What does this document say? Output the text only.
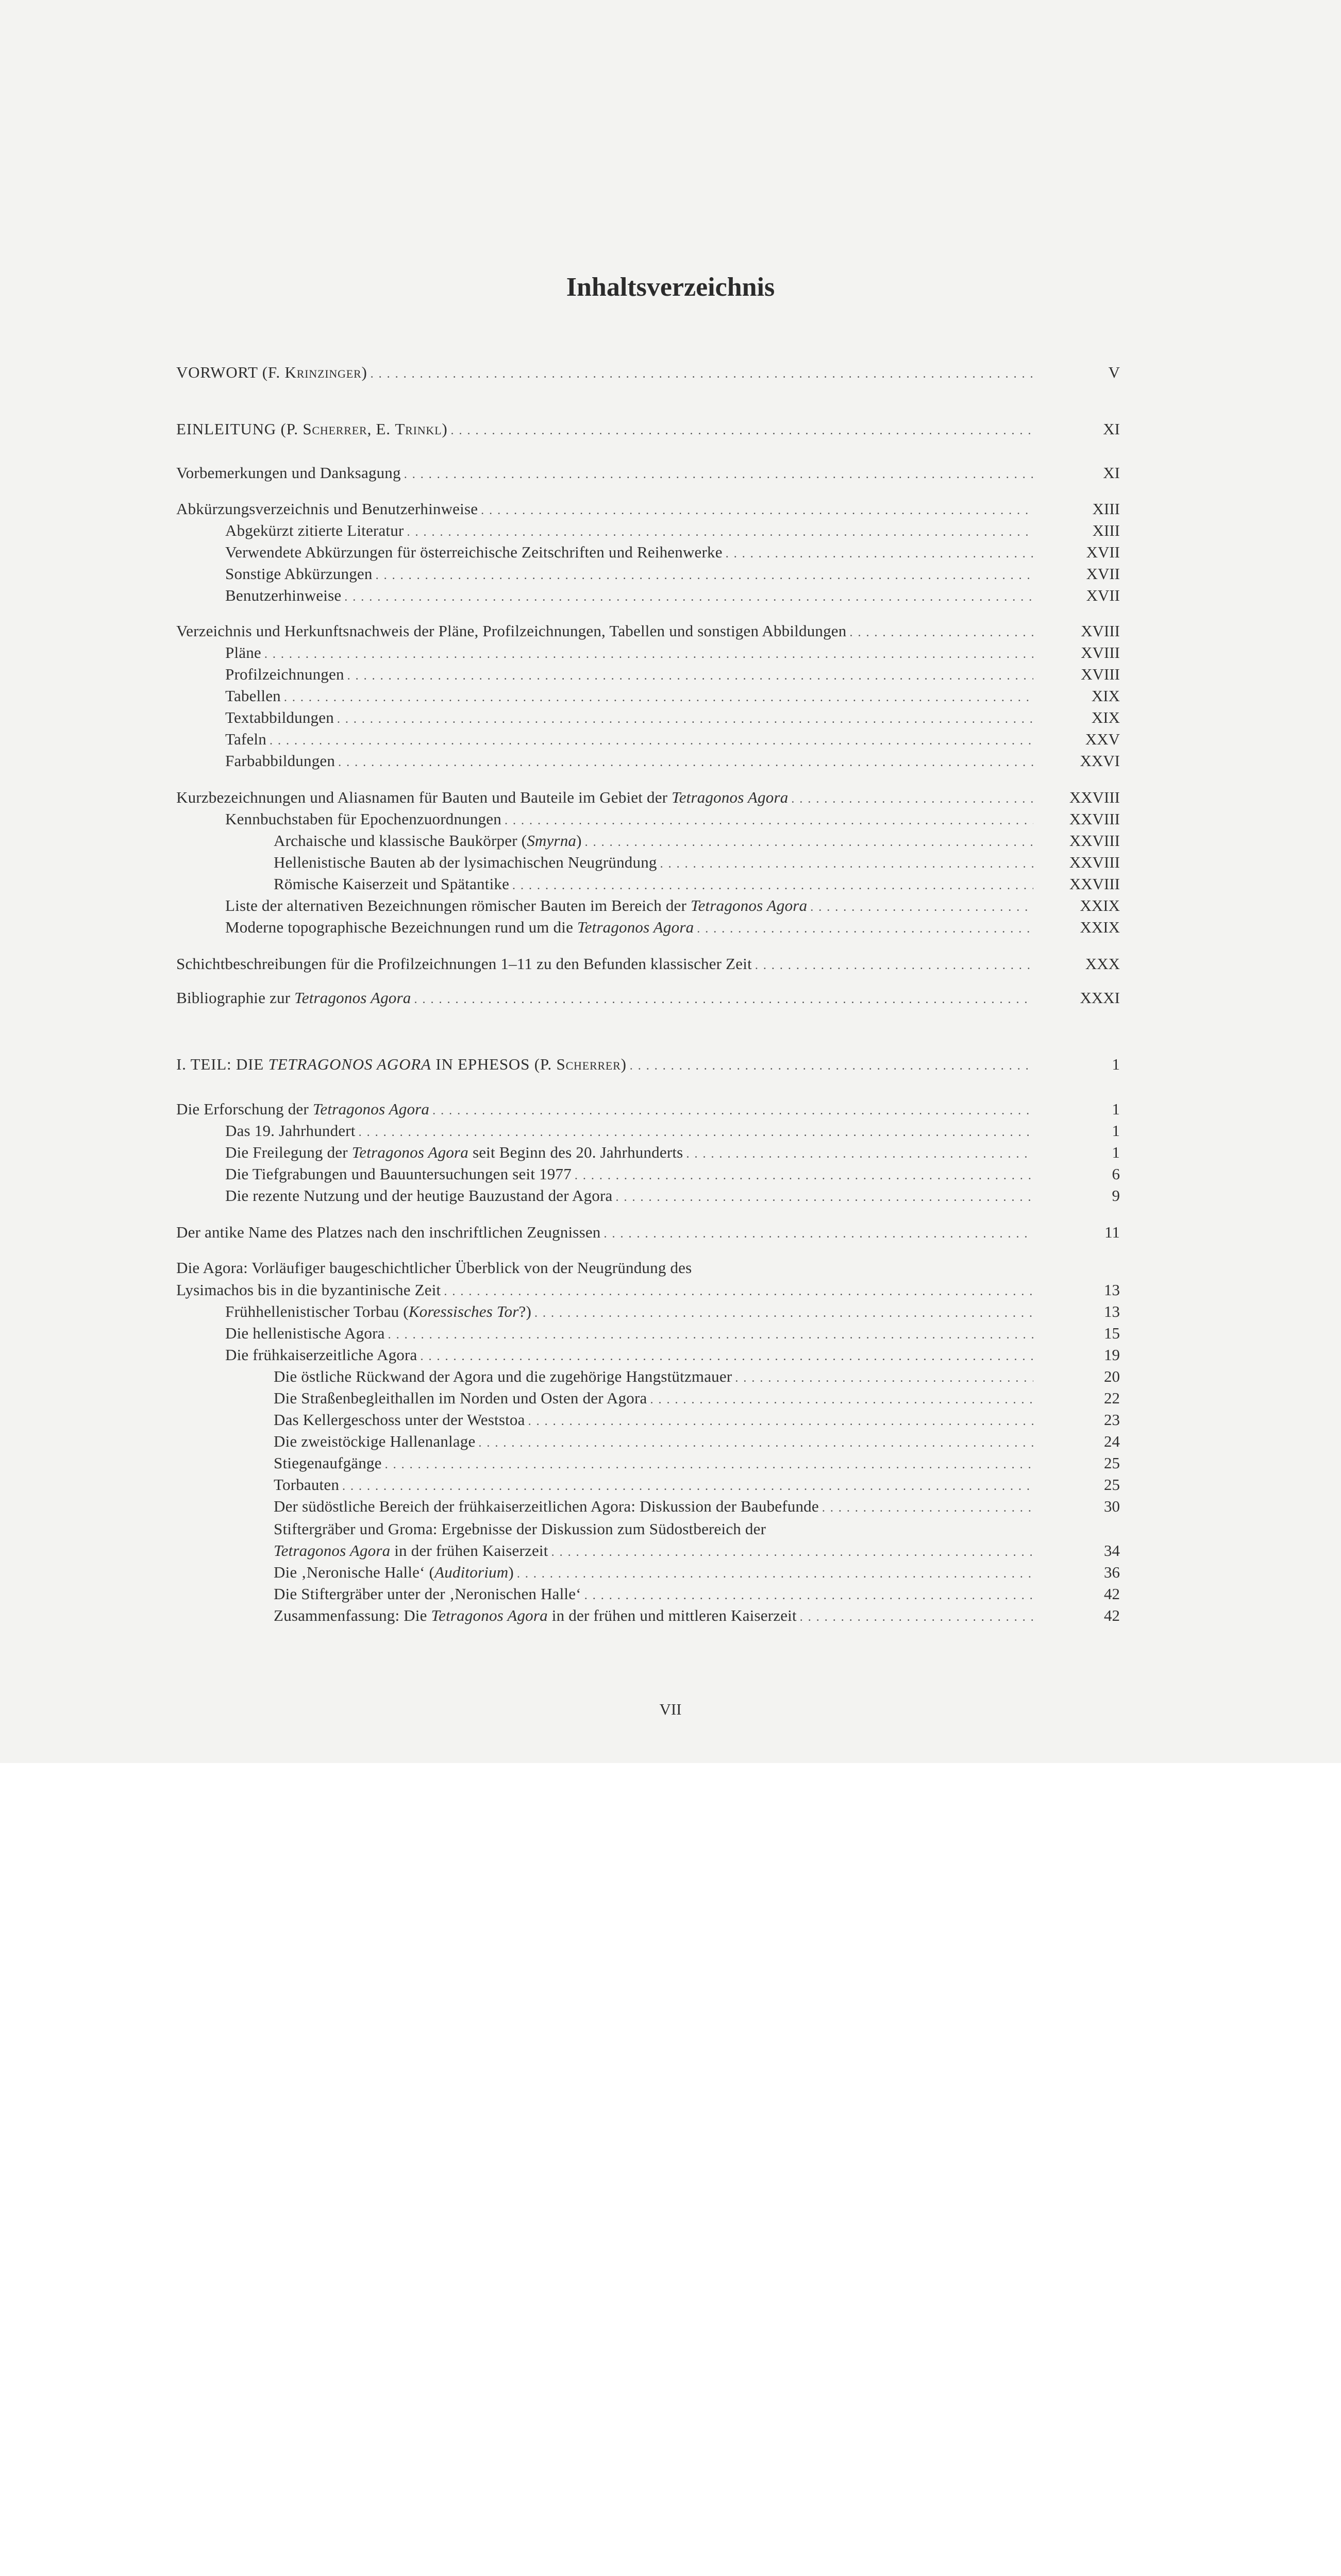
Inhaltsverzeichnis
VORWORT (F. Krinzinger) . . .	V
EINLEITUNG (P. Scherrer, E. Trinkl) . . .	XI
Vorbemerkungen und Danksagung . . .	XI
Abkürzungsverzeichnis und Benutzerhinweise . . .	XIII
Abgekürzt zitierte Literatur . . .	XIII
Verwendete Abkürzungen für österreichische Zeitschriften und Reihenwerke . . .	XVII
Sonstige Abkürzungen . . .	XVII
Benutzerhinweise . . .	XVII
Verzeichnis und Herkunftsnachweis der Pläne, Profilzeichnungen, Tabellen und sonstigen Abbildungen . . .	XVIII
Pläne . . .	XVIII
Profilzeichnungen . . .	XVIII
Tabellen . . .	XIX
Textabbildungen . . .	XIX
Tafeln . . .	XXV
Farbabbildungen . . .	XXVI
Kurzbezeichnungen und Aliasnamen für Bauten und Bauteile im Gebiet der Tetragonos Agora . . .	XXVIII
Kennbuchstaben für Epochenzuordnungen . . .	XXVIII
Archaische und klassische Baukörper (Smyrna) . . .	XXVIII
Hellenistische Bauten ab der lysimachischen Neugründung . . .	XXVIII
Römische Kaiserzeit und Spätantike . . .	XXVIII
Liste der alternativen Bezeichnungen römischer Bauten im Bereich der Tetragonos Agora . . .	XXIX
Moderne topographische Bezeichnungen rund um die Tetragonos Agora . . .	XXIX
Schichtbeschreibungen für die Profilzeichnungen 1–11 zu den Befunden klassischer Zeit . . .	XXX
Bibliographie zur Tetragonos Agora . . .	XXXI
I. TEIL: DIE TETRAGONOS AGORA IN EPHESOS (P. Scherrer) . . .	1
Die Erforschung der Tetragonos Agora . . .	1
Das 19. Jahrhundert . . .	1
Die Freilegung der Tetragonos Agora seit Beginn des 20. Jahrhunderts . . .	1
Die Tiefgrabungen und Bauuntersuchungen seit 1977 . . .	6
Die rezente Nutzung und der heutige Bauzustand der Agora . . .	9
Der antike Name des Platzes nach den inschriftlichen Zeugnissen . . .	11
Die Agora: Vorläufiger baugeschichtlicher Überblick von der Neugründung des
Lysimachos bis in die byzantinische Zeit . . .	13
Frühhellenistischer Torbau (Koressisches Tor?) . . .	13
Die hellenistische Agora . . .	15
Die frühkaiserzeitliche Agora . . .	19
Die östliche Rückwand der Agora und die zugehörige Hangstützmauer . . .	20
Die Straßenbegleithallen im Norden und Osten der Agora . . .	22
Das Kellergeschoss unter der Weststoa . . .	23
Die zweistöckige Hallenanlage . . .	24
Stiegenaufgänge . . .	25
Torbauten . . .	25
Der südöstliche Bereich der frühkaiserzeitlichen Agora: Diskussion der Baubefunde . . .	30
Stiftergräber und Groma: Ergebnisse der Diskussion zum Südostbereich der
Tetragonos Agora in der frühen Kaiserzeit . . .	34
Die ‚Neronische Halle‘ (Auditorium) . . .	36
Die Stiftergräber unter der ‚Neronischen Halle‘ . . .	42
Zusammenfassung: Die Tetragonos Agora in der frühen und mittleren Kaiserzeit . . .	42
VII
